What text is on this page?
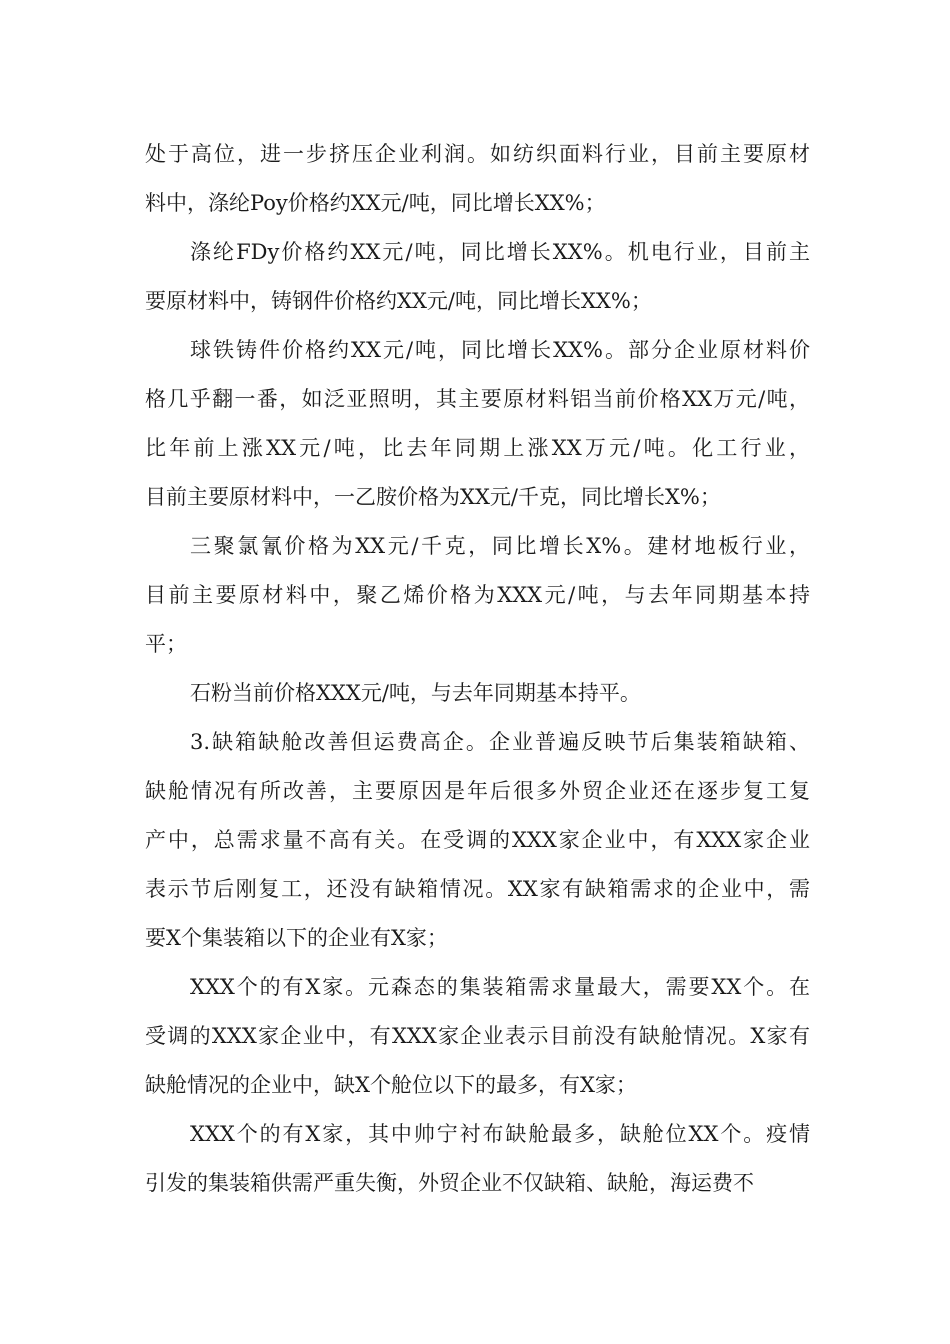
处于高位，进一步挤压企业利润。如纺织面料行业，目前主要原材
料中，涤纶Poy价格约XX元/吨，同比增长XX%；
涤纶FDy价格约XX元/吨，同比增长XX%。机电行业，目前主
要原材料中，铸钢件价格约XX元/吨，同比增长XX%；
球铁铸件价格约XX元/吨，同比增长XX%。部分企业原材料价
格几乎翻一番，如泛亚照明，其主要原材料铝当前价格XX万元/吨，
比年前上涨XX元/吨，比去年同期上涨XX万元/吨。化工行业，
目前主要原材料中，一乙胺价格为XX元/千克，同比增长X%；
三聚氯氰价格为XX元/千克，同比增长X%。建材地板行业，
目前主要原材料中，聚乙烯价格为XXX元/吨，与去年同期基本持
平；
石粉当前价格XXX元/吨，与去年同期基本持平。
3.缺箱缺舱改善但运费高企。企业普遍反映节后集装箱缺箱、
缺舱情况有所改善，主要原因是年后很多外贸企业还在逐步复工复
产中，总需求量不高有关。在受调的XXX家企业中，有XXX家企业
表示节后刚复工，还没有缺箱情况。XX家有缺箱需求的企业中，需
要X个集装箱以下的企业有X家；
XXX个的有X家。元森态的集装箱需求量最大，需要XX个。在
受调的XXX家企业中，有XXX家企业表示目前没有缺舱情况。X家有
缺舱情况的企业中，缺X个舱位以下的最多，有X家；
XXX个的有X家，其中帅宁衬布缺舱最多，缺舱位XX个。疫情
引发的集装箱供需严重失衡，外贸企业不仅缺箱、缺舱，海运费不
